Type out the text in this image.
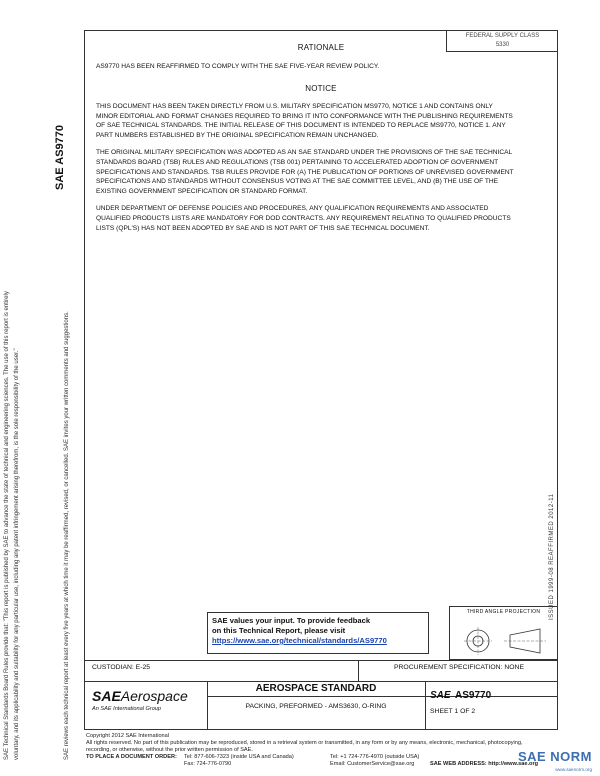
FEDERAL SUPPLY CLASS
5330
RATIONALE
AS9770 HAS BEEN REAFFIRMED TO COMPLY WITH THE SAE FIVE-YEAR REVIEW POLICY.
NOTICE

THIS DOCUMENT HAS BEEN TAKEN DIRECTLY FROM U.S. MILITARY SPECIFICATION MS9770, NOTICE 1 AND CONTAINS ONLY MINOR EDITORIAL AND FORMAT CHANGES REQUIRED TO BRING IT INTO CONFORMANCE WITH THE PUBLISHING REQUIREMENTS OF SAE TECHNICAL STANDARDS. THE INITIAL RELEASE OF THIS DOCUMENT IS INTENDED TO REPLACE MS9770, NOTICE 1. ANY PART NUMBERS ESTABLISHED BY THE ORIGINAL SPECIFICATION REMAIN UNCHANGED.

THE ORIGINAL MILITARY SPECIFICATION WAS ADOPTED AS AN SAE STANDARD UNDER THE PROVISIONS OF THE SAE TECHNICAL STANDARDS BOARD (TSB) RULES AND REGULATIONS (TSB 001) PERTAINING TO ACCELERATED ADOPTION OF GOVERNMENT SPECIFICATIONS AND STANDARDS. TSB RULES PROVIDE FOR (A) THE PUBLICATION OF PORTIONS OF UNREVISED GOVERNMENT SPECIFICATIONS AND STANDARDS WITHOUT CONSENSUS VOTING AT THE SAE COMMITTEE LEVEL, AND (B) THE USE OF THE EXISTING GOVERNMENT SPECIFICATION OR STANDARD FORMAT.

UNDER DEPARTMENT OF DEFENSE POLICIES AND PROCEDURES, ANY QUALIFICATION REQUIREMENTS AND ASSOCIATED QUALIFIED PRODUCTS LISTS ARE MANDATORY FOR DOD CONTRACTS. ANY REQUIREMENT RELATING TO QUALIFIED PRODUCTS LISTS (QPL'S) HAS NOT BEEN ADOPTED BY SAE AND IS NOT PART OF THIS SAE TECHNICAL DOCUMENT.

SAE AS9770
SAE Technical Standards Board Rules provide that: "This report is published by SAE to advance the state of technical and engineering sciences. The use of this report is entirely voluntary, and its applicability and suitability for any particular use, including any patent infringement arising therefrom, is the sole responsibility of the user."	SAE reviews each technical report at least every five years at which time it may be reaffirmed, revised, or cancelled. SAE invites your written comments and suggestions.	ISSUED 1999-08 REAFFIRMED 2012-11
SAE values your input. To provide feedback
on this Technical Report, please visit
https://www.sae.org/technical/standards/AS9770
THIRD ANGLE PROJECTION
CUSTODIAN: E-25	PROCUREMENT SPECIFICATION: NONE
SAEAerospace
An SAE International Group
AEROSPACE STANDARD
PACKING, PREFORMED - AMS3630, O-RING
SAE AS9770
SHEET 1 OF 2
Copyright 2012 SAE International
All rights reserved. No part of this publication may be reproduced, stored in a retrieval system or transmitted, in any form or by any means, electronic, mechanical, photocopying,
recording, or otherwise, without the prior written permission of SAE.
TO PLACE A DOCUMENT ORDER: Tel: 877-606-7323 (inside USA and Canada)
Fax: 724-776-0790
Tel: +1 724-776-4970 (outside USA)
Email: CustomerService@sae.org	SAE WEB ADDRESS: http://www.sae.org
SAE NORM
www.saenorm.org
